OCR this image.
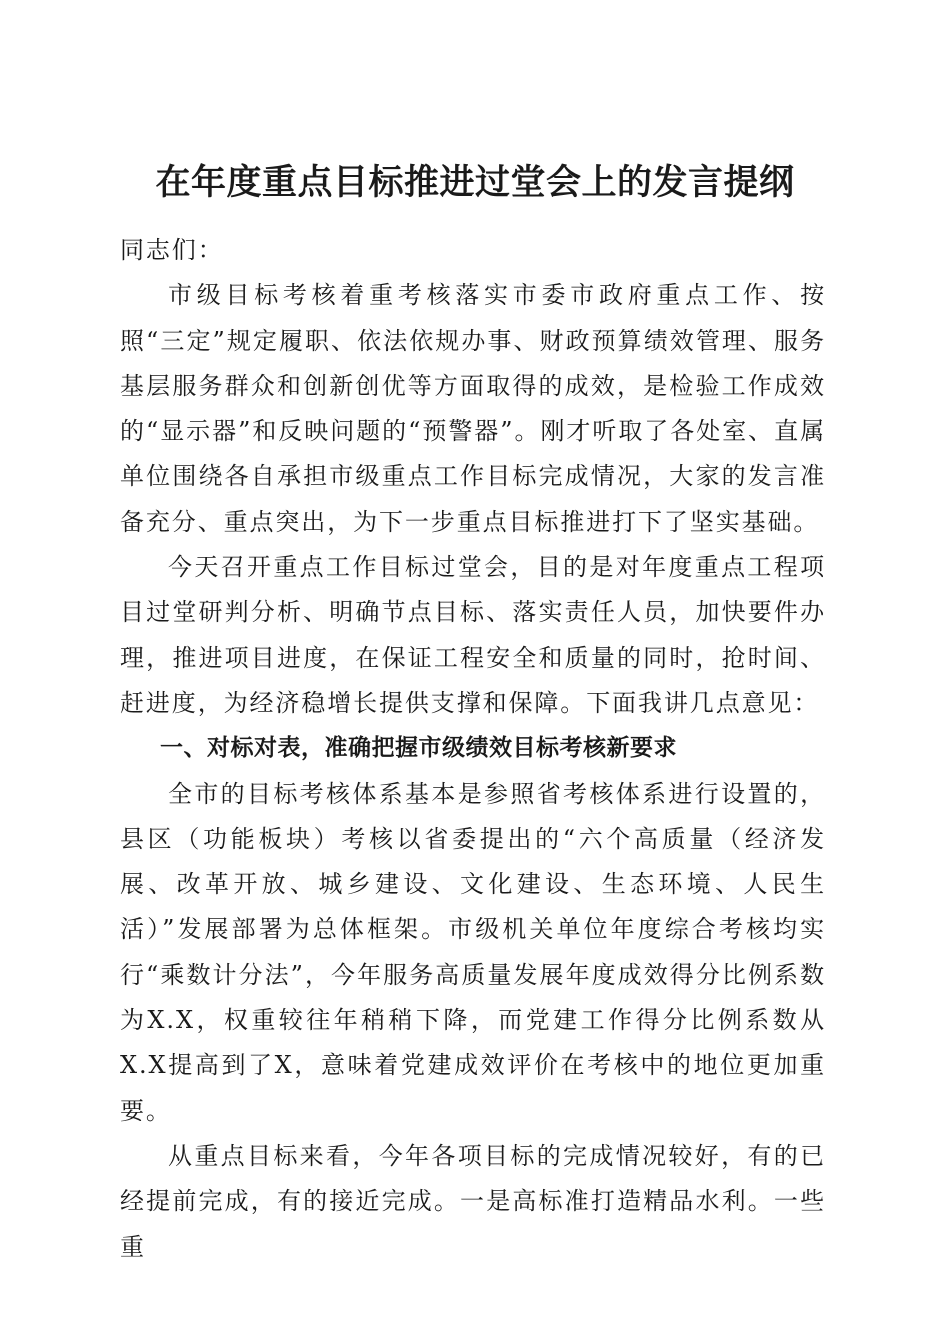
在年度重点目标推进过堂会上的发言提纲

同志们：

市级目标考核着重考核落实市委市政府重点工作、按照“三定”规定履职、依法依规办事、财政预算绩效管理、服务基层服务群众和创新创优等方面取得的成效，是检验工作成效的“显示器”和反映问题的“预警器”。刚才听取了各处室、直属单位围绕各自承担市级重点工作目标完成情况，大家的发言准备充分、重点突出，为下一步重点目标推进打下了坚实基础。

今天召开重点工作目标过堂会，目的是对年度重点工程项目过堂研判分析、明确节点目标、落实责任人员，加快要件办理，推进项目进度，在保证工程安全和质量的同时，抢时间、赶进度，为经济稳增长提供支撑和保障。下面我讲几点意见：

一、对标对表，准确把握市级绩效目标考核新要求

全市的目标考核体系基本是参照省考核体系进行设置的，县区（功能板块）考核以省委提出的“六个高质量（经济发展、改革开放、城乡建设、文化建设、生态环境、人民生活）”发展部署为总体框架。市级机关单位年度综合考核均实行“乘数计分法”，今年服务高质量发展年度成效得分比例系数为X.X，权重较往年稍稍下降，而党建工作得分比例系数从X.X提高到了X，意味着党建成效评价在考核中的地位更加重要。

从重点目标来看，今年各项目标的完成情况较好，有的已经提前完成，有的接近完成。一是高标准打造精品水利。一些重
